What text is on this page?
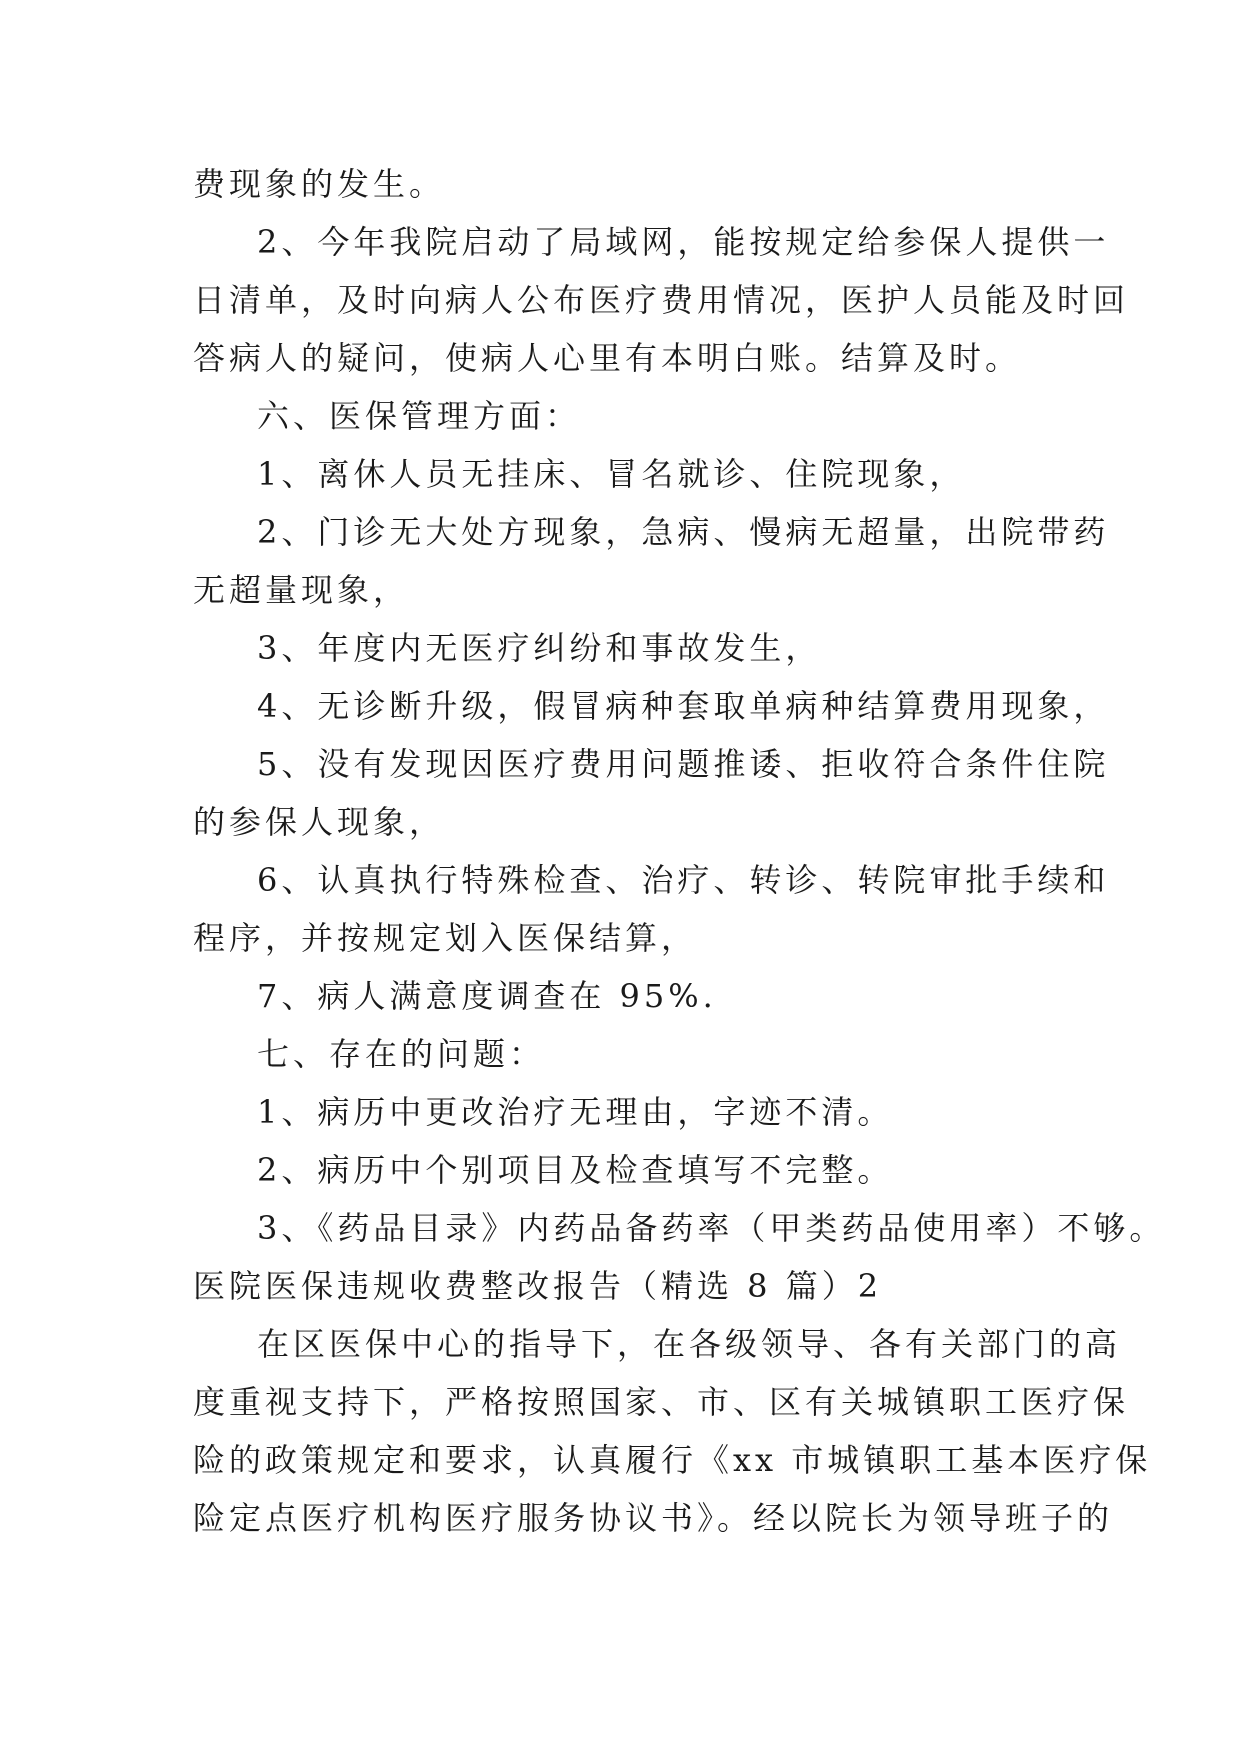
费现象的发生。
2、今年我院启动了局域网，能按规定给参保人提供一
日清单，及时向病人公布医疗费用情况，医护人员能及时回
答病人的疑问，使病人心里有本明白账。结算及时。
六、医保管理方面：
1、离休人员无挂床、冒名就诊、住院现象，
2、门诊无大处方现象，急病、慢病无超量，出院带药
无超量现象，
3、年度内无医疗纠纷和事故发生，
4、无诊断升级，假冒病种套取单病种结算费用现象，
5、没有发现因医疗费用问题推诿、拒收符合条件住院
的参保人现象，
6、认真执行特殊检查、治疗、转诊、转院审批手续和
程序，并按规定划入医保结算，
7、病人满意度调查在 95%.
七、存在的问题：
1、病历中更改治疗无理由，字迹不清。
2、病历中个别项目及检查填写不完整。
3、《药品目录》内药品备药率（甲类药品使用率）不够。
医院医保违规收费整改报告（精选 8 篇）2
在区医保中心的指导下，在各级领导、各有关部门的高
度重视支持下，严格按照国家、市、区有关城镇职工医疗保
险的政策规定和要求，认真履行《xx 市城镇职工基本医疗保
险定点医疗机构医疗服务协议书》。经以院长为领导班子的
